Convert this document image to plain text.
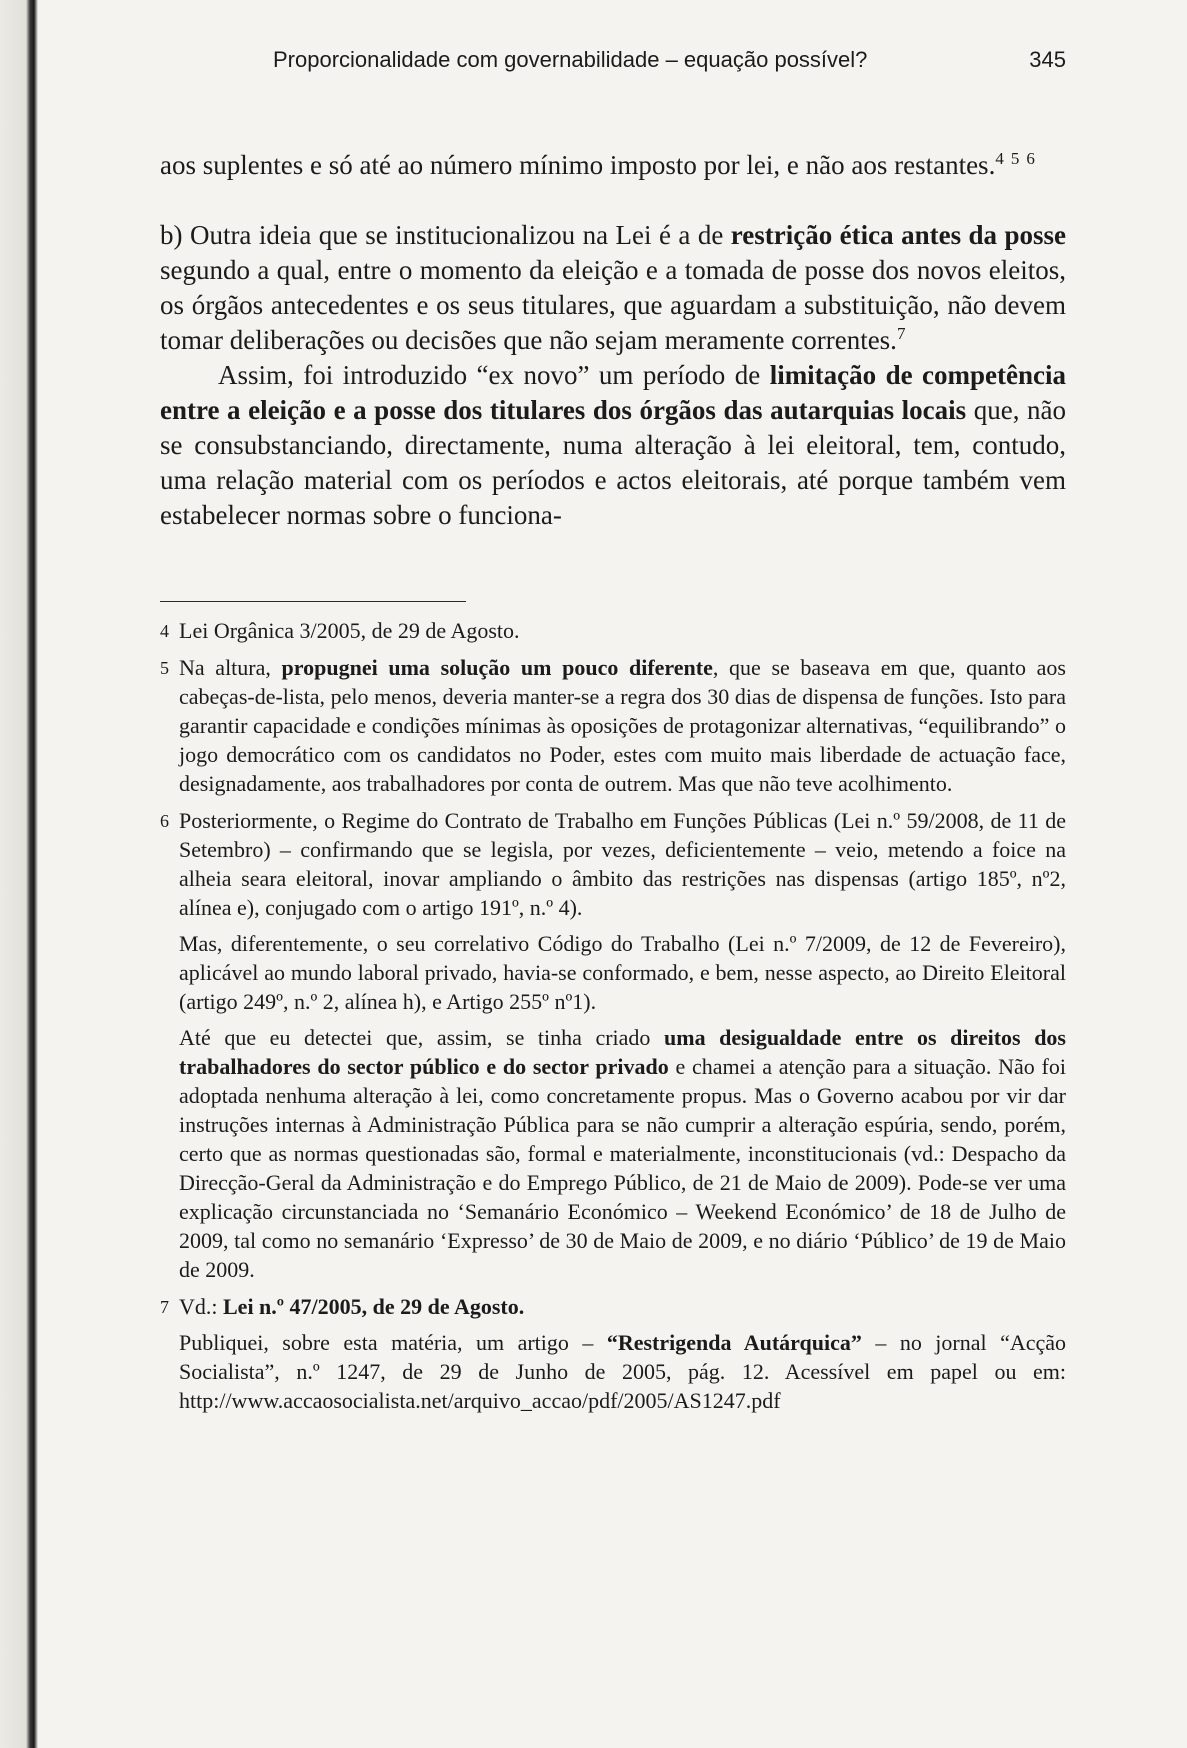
Proporcionalidade com governabilidade – equação possível?	345

aos suplentes e só até ao número mínimo imposto por lei, e não aos restantes.$^{4 5 6}$

b) Outra ideia que se institucionalizou na Lei é a de restrição ética antes da posse segundo a qual, entre o momento da eleição e a tomada de posse dos novos eleitos, os órgãos antecedentes e os seus titulares, que aguardam a substituição, não devem tomar deliberações ou decisões que não sejam meramente correntes.$^7$

Assim, foi introduzido “ex novo” um período de limitação de competência entre a eleição e a posse dos titulares dos órgãos das autarquias locais que, não se consubstanciando, directamente, numa alteração à lei eleitoral, tem, contudo, uma relação material com os períodos e actos eleitorais, até porque também vem estabelecer normas sobre o funciona-

4 Lei Orgânica 3/2005, de 29 de Agosto.

5 Na altura, propugnei uma solução um pouco diferente, que se baseava em que, quanto aos cabeças-de-lista, pelo menos, deveria manter-se a regra dos 30 dias de dispensa de funções. Isto para garantir capacidade e condições mínimas às oposições de protagonizar alternativas, “equilibrando” o jogo democrático com os candidatos no Poder, estes com muito mais liberdade de actuação face, designadamente, aos trabalhadores por conta de outrem. Mas que não teve acolhimento.

6 Posteriormente, o Regime do Contrato de Trabalho em Funções Públicas (Lei n.º 59/2008, de 11 de Setembro) – confirmando que se legisla, por vezes, deficientemente – veio, metendo a foice na alheia seara eleitoral, inovar ampliando o âmbito das restrições nas dispensas (artigo 185º, nº2, alínea e), conjugado com o artigo 191º, n.º 4).

Mas, diferentemente, o seu correlativo Código do Trabalho (Lei n.º 7/2009, de 12 de Fevereiro), aplicável ao mundo laboral privado, havia-se conformado, e bem, nesse aspecto, ao Direito Eleitoral (artigo 249º, n.º 2, alínea h), e Artigo 255º nº1).

Até que eu detectei que, assim, se tinha criado uma desigualdade entre os direitos dos trabalhadores do sector público e do sector privado e chamei a atenção para a situação. Não foi adoptada nenhuma alteração à lei, como concretamente propus. Mas o Governo acabou por vir dar instruções internas à Administração Pública para se não cumprir a alteração espúria, sendo, porém, certo que as normas questionadas são, formal e materialmente, inconstitucionais (vd.: Despacho da Direcção-Geral da Administração e do Emprego Público, de 21 de Maio de 2009). Pode-se ver uma explicação circunstanciada no ‘Semanário Económico – Weekend Económico’ de 18 de Julho de 2009, tal como no semanário ‘Expresso’ de 30 de Maio de 2009, e no diário ‘Público’ de 19 de Maio de 2009.

7 Vd.: Lei n.º 47/2005, de 29 de Agosto.

Publiquei, sobre esta matéria, um artigo – “Restrigenda Autárquica” – no jornal “Acção Socialista”, n.º 1247, de 29 de Junho de 2005, pág. 12. Acessível em papel ou em: http://www.accaosocialista.net/arquivo_accao/pdf/2005/AS1247.pdf
